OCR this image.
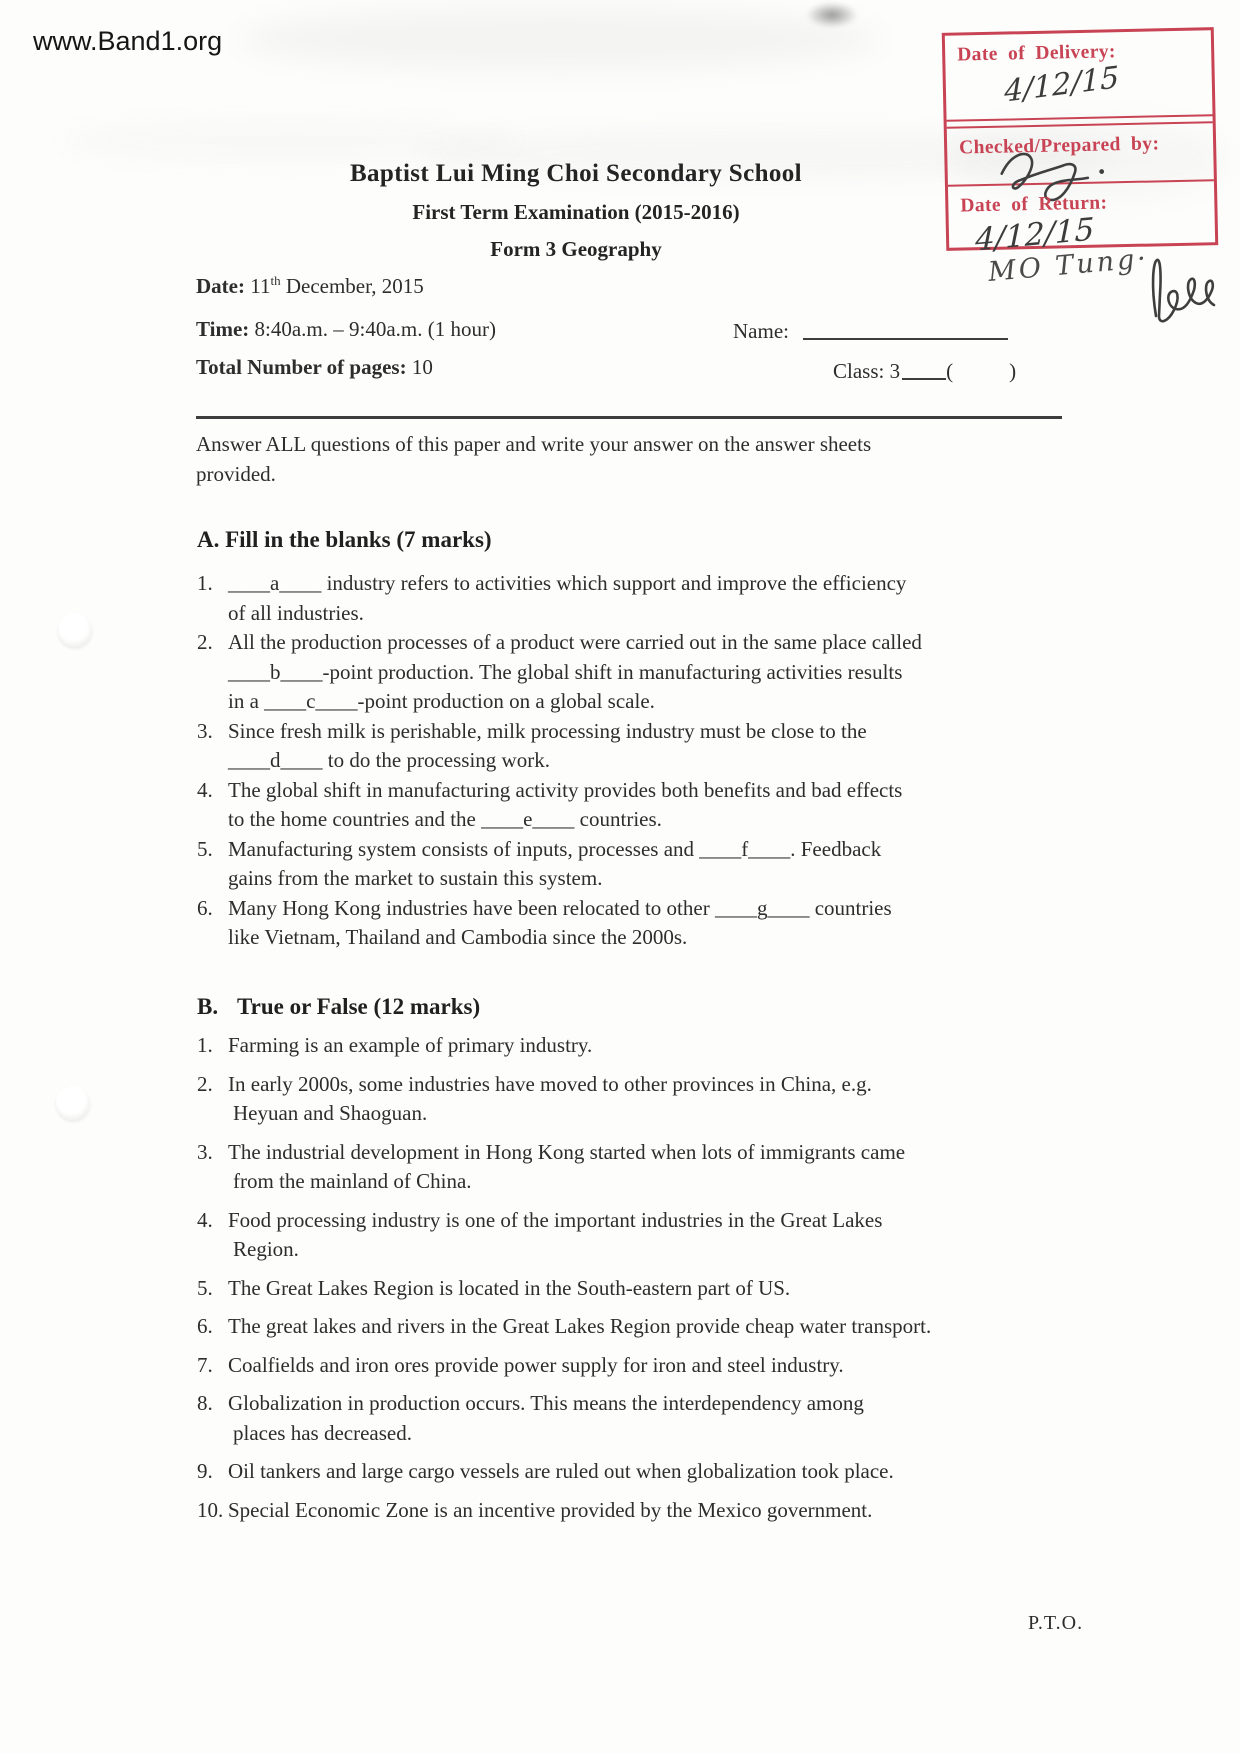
www.Band1.org	Date of Delivery:
4/12/15
Checked/Prepared by:
Date of Return:
4/12/15
MO Tung·
Baptist Lui Ming Choi Secondary School
First Term Examination (2015-2016)
Form 3 Geography
Date: 11th December, 2015
Time: 8:40a.m. – 9:40a.m. (1 hour)	Name:
Total Number of pages: 10	Class: 3 (	)
Answer ALL questions of this paper and write your answer on the answer sheets
provided.
A. Fill in the blanks (7 marks)
1. ____a____ industry refers to activities which support and improve the efficiency
of all industries.
2. All the production processes of a product were carried out in the same place called
____b____-point production. The global shift in manufacturing activities results
in a ____c____-point production on a global scale.
3. Since fresh milk is perishable, milk processing industry must be close to the
____d____ to do the processing work.
4. The global shift in manufacturing activity provides both benefits and bad effects
to the home countries and the ____e____ countries.
5. Manufacturing system consists of inputs, processes and ____f____. Feedback
gains from the market to sustain this system.
6. Many Hong Kong industries have been relocated to other ____g____ countries
like Vietnam, Thailand and Cambodia since the 2000s.
B. True or False (12 marks)
1. Farming is an example of primary industry.
2. In early 2000s, some industries have moved to other provinces in China, e.g.
Heyuan and Shaoguan.
3. The industrial development in Hong Kong started when lots of immigrants came
from the mainland of China.
4. Food processing industry is one of the important industries in the Great Lakes
Region.
5. The Great Lakes Region is located in the South-eastern part of US.
6. The great lakes and rivers in the Great Lakes Region provide cheap water transport.
7. Coalfields and iron ores provide power supply for iron and steel industry.
8. Globalization in production occurs. This means the interdependency among
places has decreased.
9. Oil tankers and large cargo vessels are ruled out when globalization took place.
10. Special Economic Zone is an incentive provided by the Mexico government.
P.T.O.
